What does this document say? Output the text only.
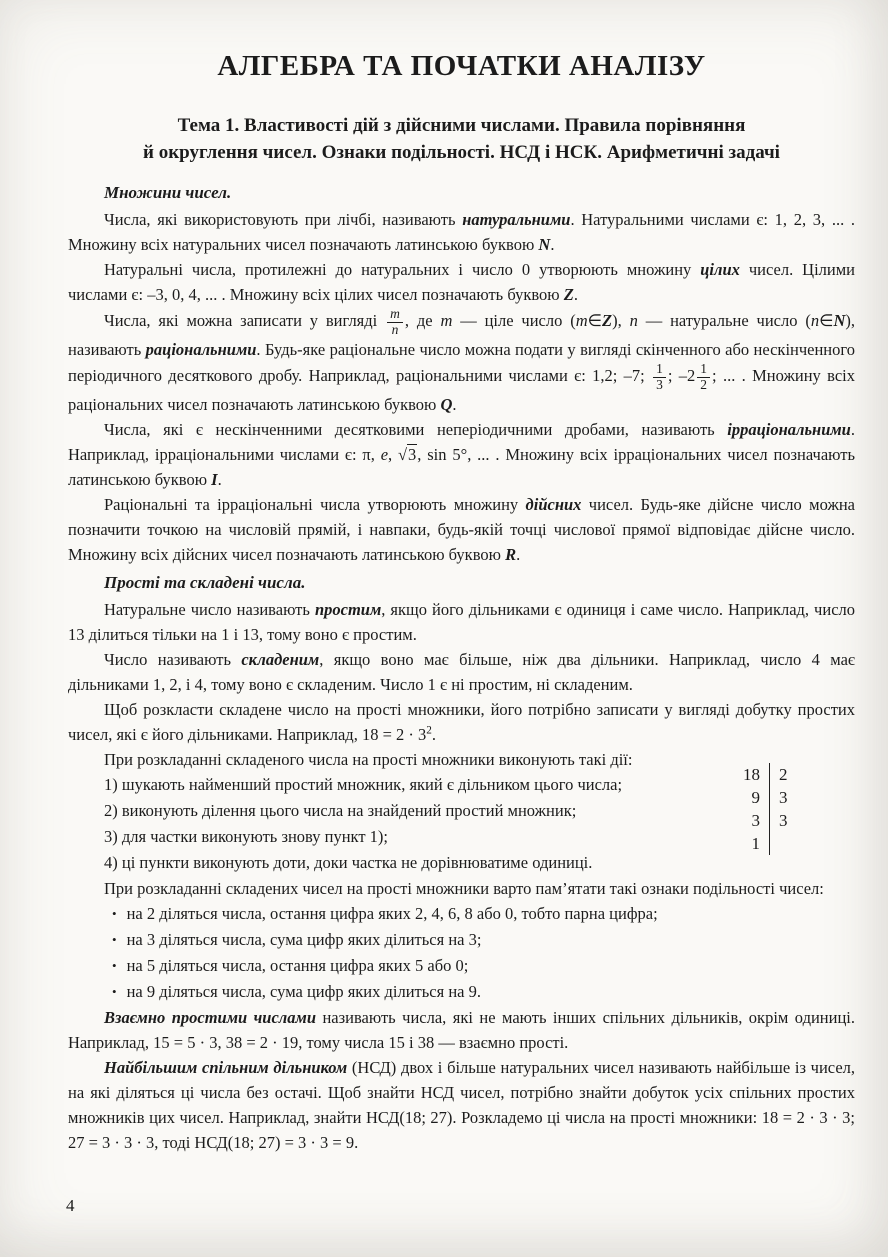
АЛГЕБРА ТА ПОЧАТКИ АНАЛІЗУ
Тема 1. Властивості дій з дійсними числами. Правила порівняння
й округлення чисел. Ознаки подільності. НСД і НСК. Арифметичні задачі
Множини чисел.

Числа, які використовують при лічбі, називають натуральними. Натуральними числами є: 1, 2, 3, ... . Множину всіх натуральних чисел позначають латинською буквою N.

Натуральні числа, протилежні до натуральних і число 0 утворюють множину цілих чисел. Цілими числами є: –3, 0, 4, ... . Множину всіх цілих чисел позначають буквою Z.

Числа, які можна записати у вигляді $\frac{m}{n}$ , де m — ціле число (m∈Z), n — натуральне число (n∈N), називають раціональними. Будь-яке раціональне число можна подати у вигляді скінченного або нескінченного періодичного десяткового дробу. Наприклад, раціональними числами є: 1,2; –7; $\frac{1}{3}$ ; $-2 \frac{1}{2}$ ; ... . Множину всіх раціональних чисел позначають латинською буквою Q.

Числа, які є нескінченними десятковими неперіодичними дробами, називають ірраціональними. Наприклад, ірраціональними числами є: π, e, √3, sin 5°, ... . Множину всіх ірраціональних чисел позначають латинською буквою I.

Раціональні та ірраціональні числа утворюють множину дійсних чисел. Будь-яке дійсне число можна позначити точкою на числовій прямій, і навпаки, будь-якій точці числової прямої відповідає дійсне число. Множину всіх дійсних чисел позначають латинською буквою R.

Прості та складені числа.

Натуральне число називають простим, якщо його дільниками є одиниця і саме число. Наприклад, число 13 ділиться тільки на 1 і 13, тому воно є простим.

Число називають складеним, якщо воно має більше, ніж два дільники. Наприклад, число 4 має дільниками 1, 2, і 4, тому воно є складеним. Число 1 є ні простим, ні складеним.

Щоб розкласти складене число на прості множники, його потрібно записати у вигляді добутку простих чисел, які є його дільниками. Наприклад, $18 = 2 \cdot 3^2$.

При розкладанні складеного числа на прості множники виконують такі дії:

1) шукають найменший простий множник, який є дільником цього числа;
2) виконують ділення цього числа на знайдений простий множник;
3) для частки виконують знову пункт 1);
4) ці пункти виконують доти, доки частка не дорівнюватиме одиниці.
18	2
9	3
3	3
1

При розкладанні складених чисел на прості множники варто пам’ятати такі ознаки подільності чисел:

• на 2 діляться числа, остання цифра яких 2, 4, 6, 8 або 0, тобто парна цифра;
• на 3 діляться числа, сума цифр яких ділиться на 3;
• на 5 діляться числа, остання цифра яких 5 або 0;
• на 9 діляться числа, сума цифр яких ділиться на 9.

Взаємно простими числами називають числа, які не мають інших спільних дільників, окрім одиниці. Наприклад, 15 = 5 · 3, 38 = 2 · 19, тому числа 15 і 38 — взаємно прості.

Найбільшим спільним дільником (НСД) двох і більше натуральних чисел називають найбільше із чисел, на які діляться ці числа без остачі. Щоб знайти НСД чисел, потрібно знайти добуток усіх спільних простих множників цих чисел. Наприклад, знайти НСД(18; 27). Розкладемо ці числа на прості множники: 18 = 2 · 3 · 3; 27 = 3 · 3 · 3, тоді НСД(18; 27) = 3 · 3 = 9.

4
